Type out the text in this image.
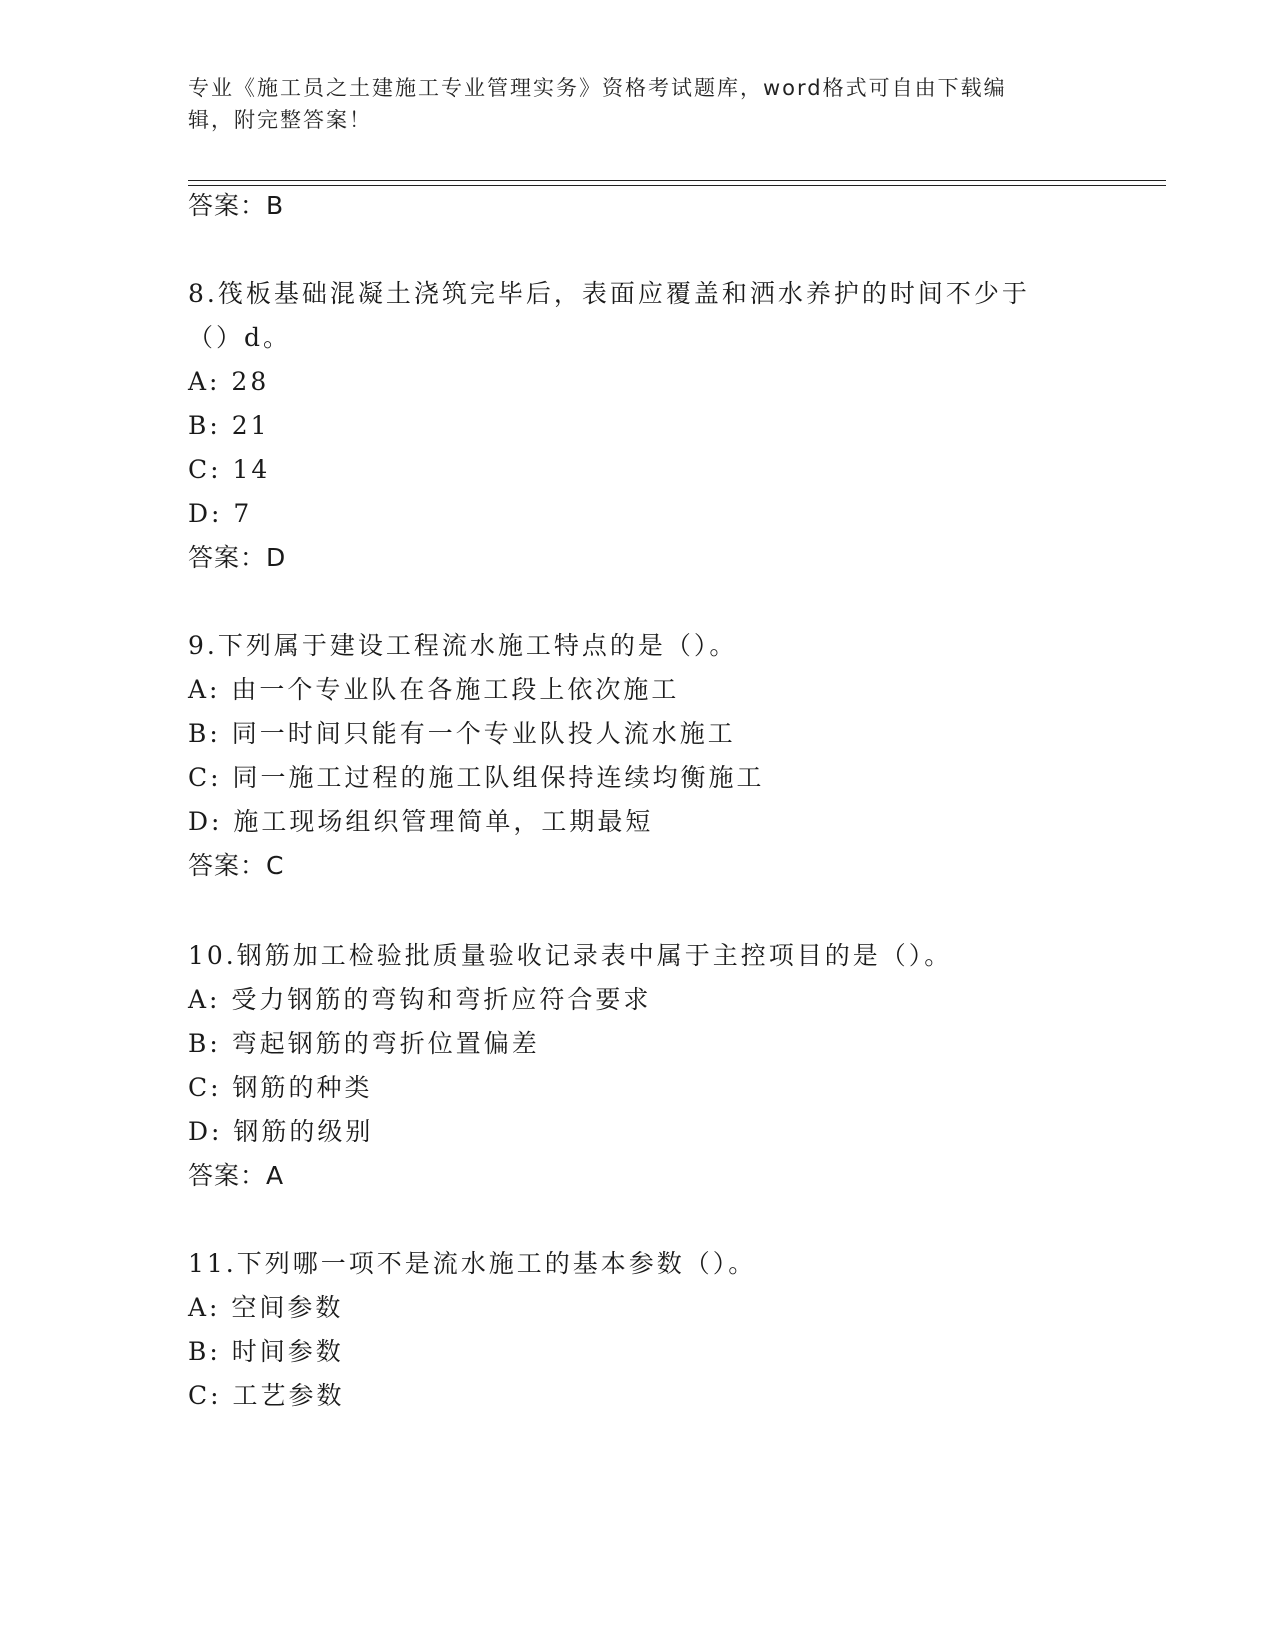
专业《施工员之土建施工专业管理实务》资格考试题库，word格式可自由下载编
辑，附完整答案！
答案：B
8.筏板基础混凝土浇筑完毕后，表面应覆盖和洒水养护的时间不少于
（）d。
A: 28
B: 21
C: 14
D: 7
答案：D
9.下列属于建设工程流水施工特点的是（）。
A: 由一个专业队在各施工段上依次施工
B: 同一时间只能有一个专业队投人流水施工
C: 同一施工过程的施工队组保持连续均衡施工
D: 施工现场组织管理简单，工期最短
答案：C
10.钢筋加工检验批质量验收记录表中属于主控项目的是（）。
A: 受力钢筋的弯钩和弯折应符合要求
B: 弯起钢筋的弯折位置偏差
C: 钢筋的种类
D: 钢筋的级别
答案：A
11.下列哪一项不是流水施工的基本参数（）。
A: 空间参数
B: 时间参数
C: 工艺参数
